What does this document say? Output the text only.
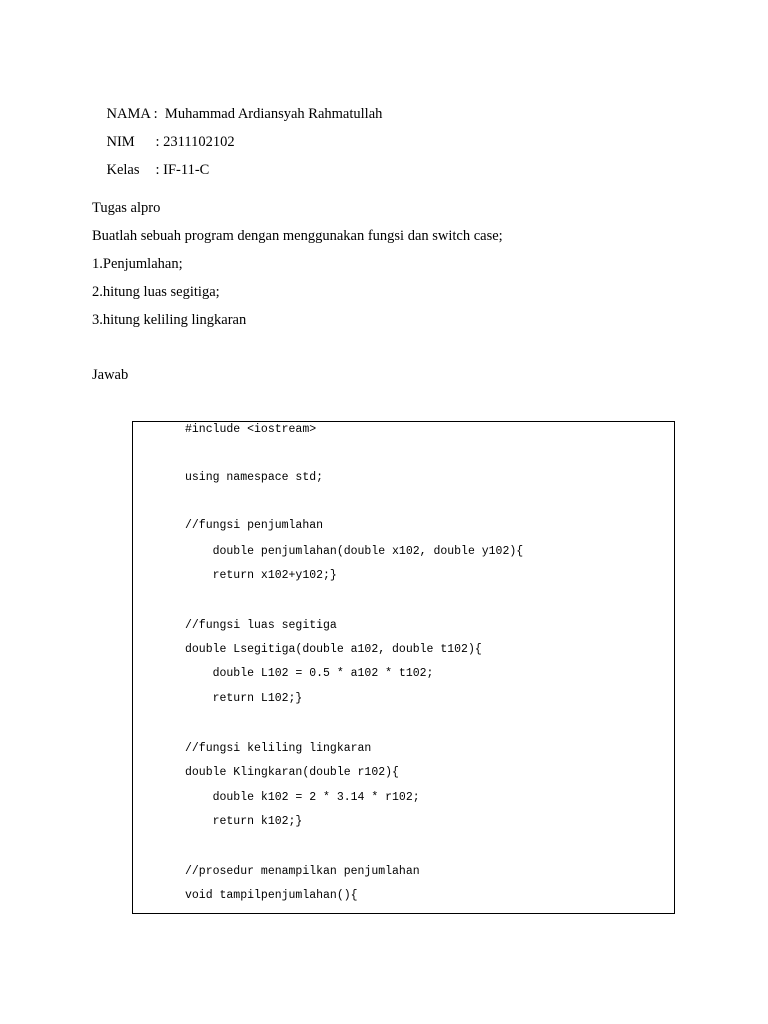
NAMA : Muhammad Ardiansyah Rahmatullah

NIM : 2311102102

Kelas : IF-11-C

Tugas alpro
Buatlah sebuah program dengan menggunakan fungsi dan switch case;
1.Penjumlahan;
2.hitung luas segitiga;
3.hitung keliling lingkaran
Jawab
#include <iostream>
using namespace std;
//fungsi penjumlahan
double penjumlahan(double x102, double y102){
return x102+y102;}
//fungsi luas segitiga
double Lsegitiga(double a102, double t102){
double L102 = 0.5 * a102 * t102;
return L102;}
//fungsi keliling lingkaran
double Klingkaran(double r102){
double k102 = 2 * 3.14 * r102;
return k102;}
//prosedur menampilkan penjumlahan
void tampilpenjumlahan(){
